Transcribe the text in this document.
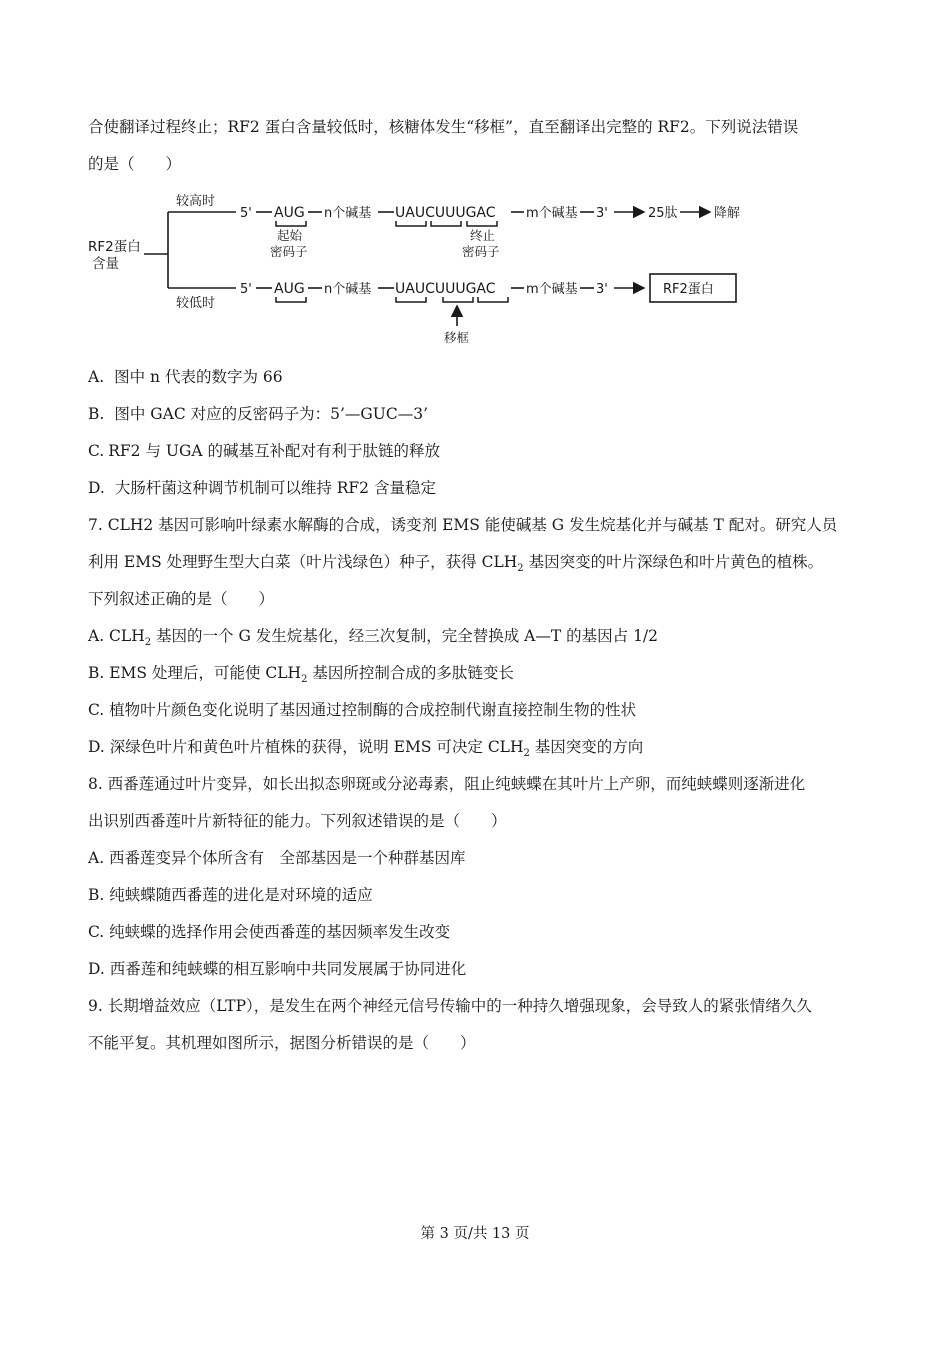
合使翻译过程终止；RF2 蛋白含量较低时，核糖体发生“移框”，直至翻译出完整的 RF2。下列说法错误
的是（　　）
RF2蛋白
含量
较高时
较低时
5' AUG n个碱基 UAUCUUUGAC m个碱基 3'	25肽	降解
起始
密码子
终止
密码子
5' AUG n个碱基 UAUCUUUGAC m个碱基 3'	RF2蛋白
移框
A. 图中 n 代表的数字为 66
B. 图中 GAC 对应的反密码子为：5’—GUC—3’
C. RF2 与 UGA 的碱基互补配对有利于肽链的释放
D. 大肠杆菌这种调节机制可以维持 RF2 含量稳定
7. CLH2 基因可影响叶绿素水解酶的合成，诱变剂 EMS 能使碱基 G 发生烷基化并与碱基 T 配对。研究人员
利用 EMS 处理野生型大白菜（叶片浅绿色）种子，获得 $CLH_2$ 基因突变的叶片深绿色和叶片黄色的植株。
下列叙述正确的是（　　）
A. $CLH_2$ 基因的一个 G 发生烷基化，经三次复制，完全替换成 A—T 的基因占 1/2
B. EMS 处理后，可能使 $CLH_2$ 基因所控制合成的多肽链变长
C. 植物叶片颜色变化说明了基因通过控制酶的合成控制代谢直接控制生物的性状
D. 深绿色叶片和黄色叶片植株的获得，说明 EMS 可决定 $CLH_2$ 基因突变的方向
8. 西番莲通过叶片变异，如长出拟态卵斑或分泌毒素，阻止纯蛱蝶在其叶片上产卵，而纯蛱蝶则逐渐进化
出识别西番莲叶片新特征的能力。下列叙述错误的是（　　）
A. 西番莲变异个体所含有　全部基因是一个种群基因库
B. 纯蛱蝶随西番莲的进化是对环境的适应
C. 纯蛱蝶的选择作用会使西番莲的基因频率发生改变
D. 西番莲和纯蛱蝶的相互影响中共同发展属于协同进化
9. 长期增益效应（LTP），是发生在两个神经元信号传输中的一种持久增强现象，会导致人的紧张情绪久久
不能平复。其机理如图所示，据图分析错误的是（　　）
第 3 页/共 13 页
